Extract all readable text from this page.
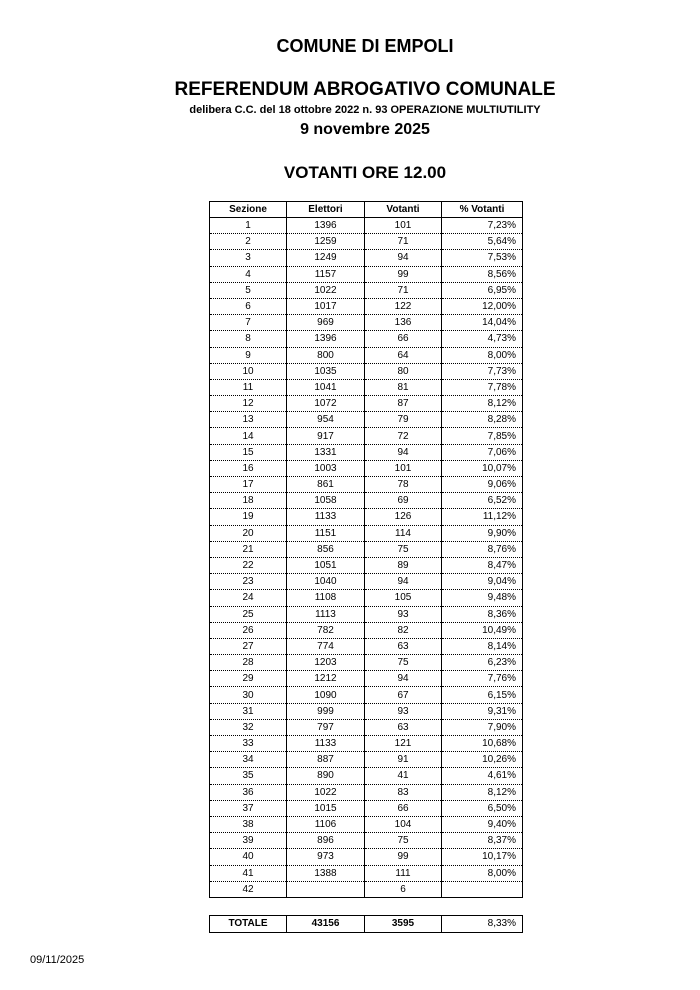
COMUNE DI EMPOLI
REFERENDUM ABROGATIVO COMUNALE
delibera C.C. del 18 ottobre 2022 n. 93 OPERAZIONE MULTIUTILITY
9 novembre 2025
VOTANTI ORE 12.00
Sezione	Elettori	Votanti	% Votanti
1	1396	101	7,23%
2	1259	71	5,64%
3	1249	94	7,53%
4	1157	99	8,56%
5	1022	71	6,95%
6	1017	122	12,00%
7	969	136	14,04%
8	1396	66	4,73%
9	800	64	8,00%
10	1035	80	7,73%
11	1041	81	7,78%
12	1072	87	8,12%
13	954	79	8,28%
14	917	72	7,85%
15	1331	94	7,06%
16	1003	101	10,07%
17	861	78	9,06%
18	1058	69	6,52%
19	1133	126	11,12%
20	1151	114	9,90%
21	856	75	8,76%
22	1051	89	8,47%
23	1040	94	9,04%
24	1108	105	9,48%
25	1113	93	8,36%
26	782	82	10,49%
27	774	63	8,14%
28	1203	75	6,23%
29	1212	94	7,76%
30	1090	67	6,15%
31	999	93	9,31%
32	797	63	7,90%
33	1133	121	10,68%
34	887	91	10,26%
35	890	41	4,61%
36	1022	83	8,12%
37	1015	66	6,50%
38	1106	104	9,40%
39	896	75	8,37%
40	973	99	10,17%
41	1388	111	8,00%
42		6	
TOTALE	43156	3595	8,33%
09/11/2025
